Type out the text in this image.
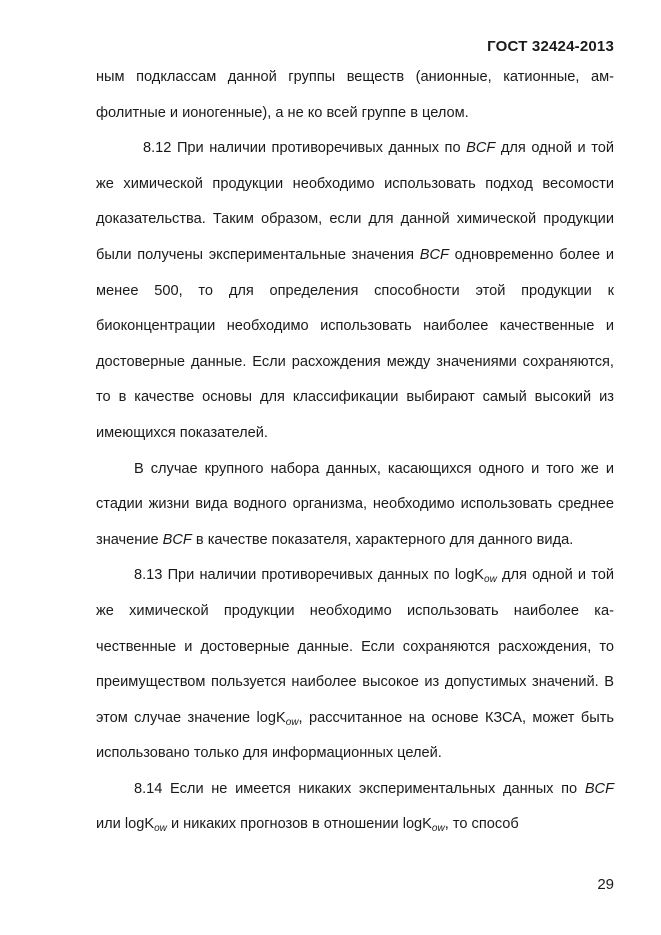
ГОСТ 32424-2013

ным подклассам данной группы веществ (анионные, катионные, амфолитные и ионогенные), а не ко всей группе в целом.

8.12 При наличии противоречивых данных по BCF для одной и той же химической продукции необходимо использовать подход весомости доказательства. Таким образом, если для данной химической продукции были получены экспериментальные значения BCF одновременно более и менее 500, то для определения способности этой продукции к биоконцентрации необходимо использовать наиболее качественные и достоверные данные. Если расхождения между значениями сохраняются, то в качестве основы для классификации выбирают самый высокий из имеющихся показателей.

В случае крупного набора данных, касающихся одного и того же и стадии жизни вида водного организма, необходимо использовать среднее значение BCF в качестве показателя, характерного для данного вида.

8.13 При наличии противоречивых данных по logK$_{ow}$ для одной и той же химической продукции необходимо использовать наиболее качественные и достоверные данные. Если сохраняются расхождения, то преимуществом пользуется наиболее высокое из допустимых значений. В этом случае значение logK$_{ow}$, рассчитанное на основе КЗСА, может быть использовано только для информационных целей.

8.14 Если не имеется никаких экспериментальных данных по BCF или logK$_{ow}$ и никаких прогнозов в отношении logK$_{ow}$, то способ

29
